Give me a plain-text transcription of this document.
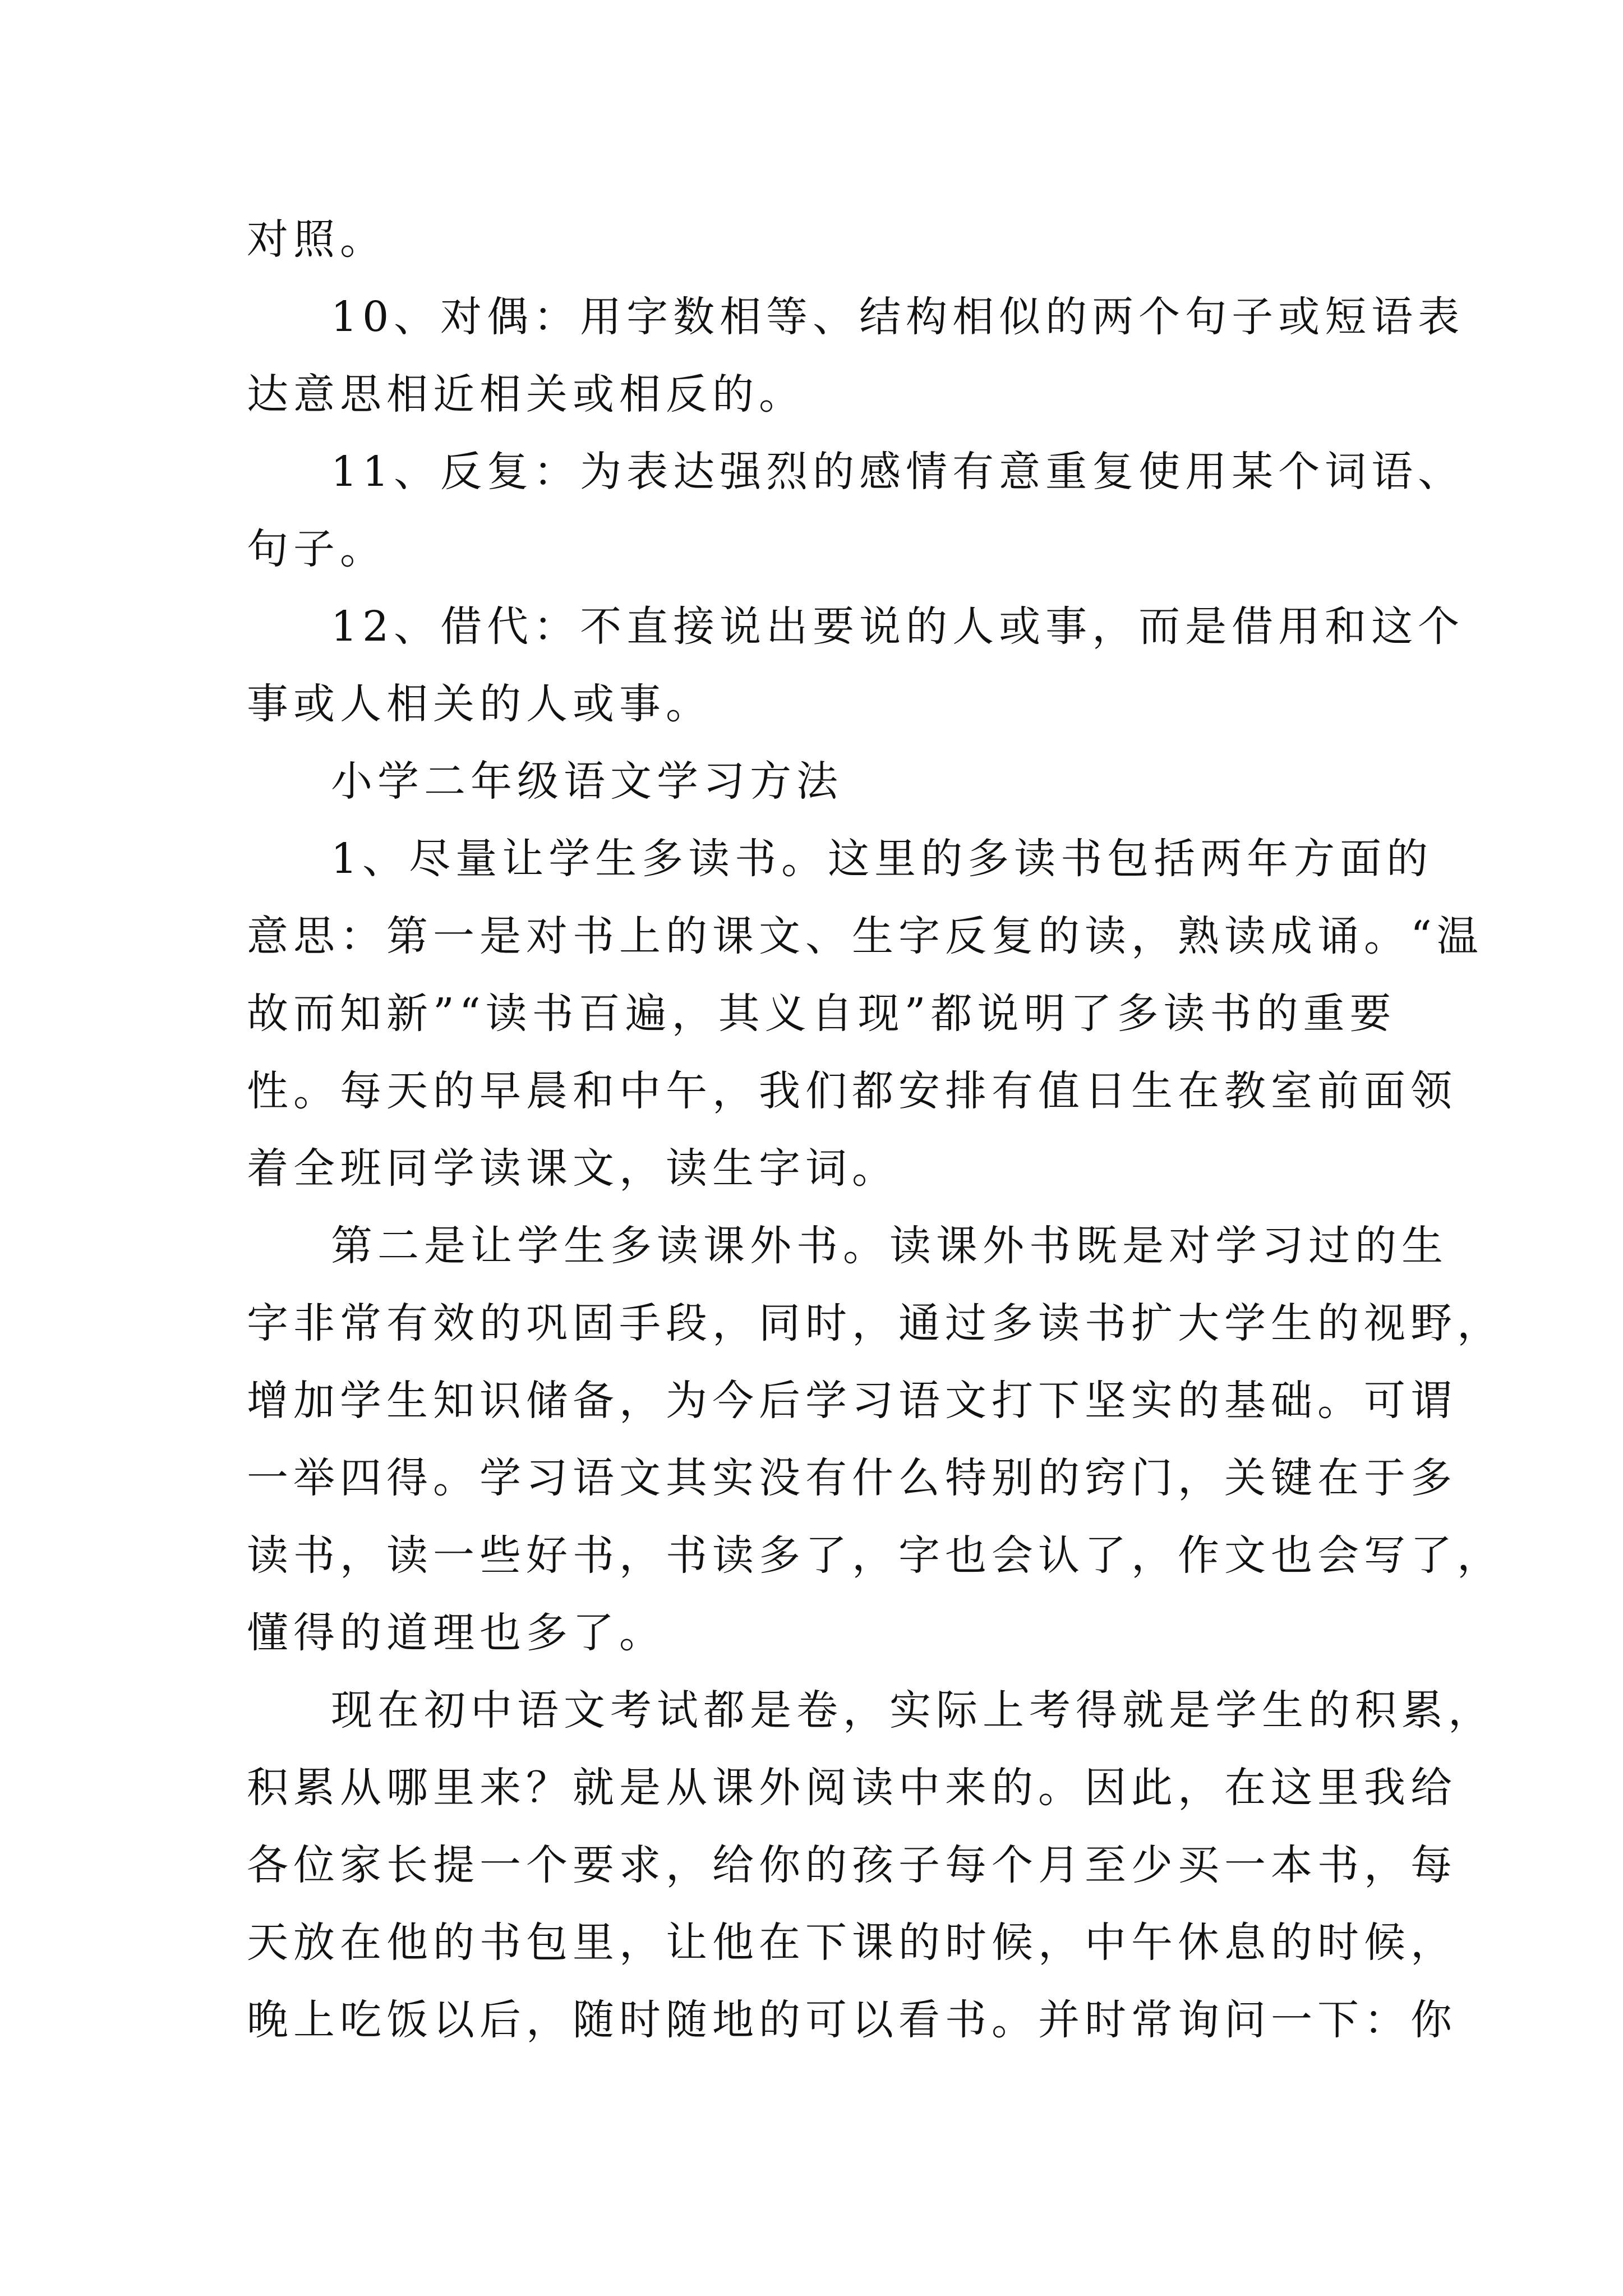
对照。

10、对偶：用字数相等、结构相似的两个句子或短语表

达意思相近相关或相反的。

11、反复：为表达强烈的感情有意重复使用某个词语、

句子。

12、借代：不直接说出要说的人或事，而是借用和这个

事或人相关的人或事。

小学二年级语文学习方法

1、尽量让学生多读书。这里的多读书包括两年方面的

意思：第一是对书上的课文、生字反复的读，熟读成诵。“温

故而知新”“读书百遍，其义自现”都说明了多读书的重要

性。每天的早晨和中午，我们都安排有值日生在教室前面领

着全班同学读课文，读生字词。

第二是让学生多读课外书。读课外书既是对学习过的生

字非常有效的巩固手段，同时，通过多读书扩大学生的视野，

增加学生知识储备，为今后学习语文打下坚实的基础。可谓

一举四得。学习语文其实没有什么特别的窍门，关键在于多

读书，读一些好书，书读多了，字也会认了，作文也会写了，

懂得的道理也多了。

现在初中语文考试都是卷，实际上考得就是学生的积累，

积累从哪里来？就是从课外阅读中来的。因此，在这里我给

各位家长提一个要求，给你的孩子每个月至少买一本书，每

天放在他的书包里，让他在下课的时候，中午休息的时候，

晚上吃饭以后，随时随地的可以看书。并时常询问一下：你
